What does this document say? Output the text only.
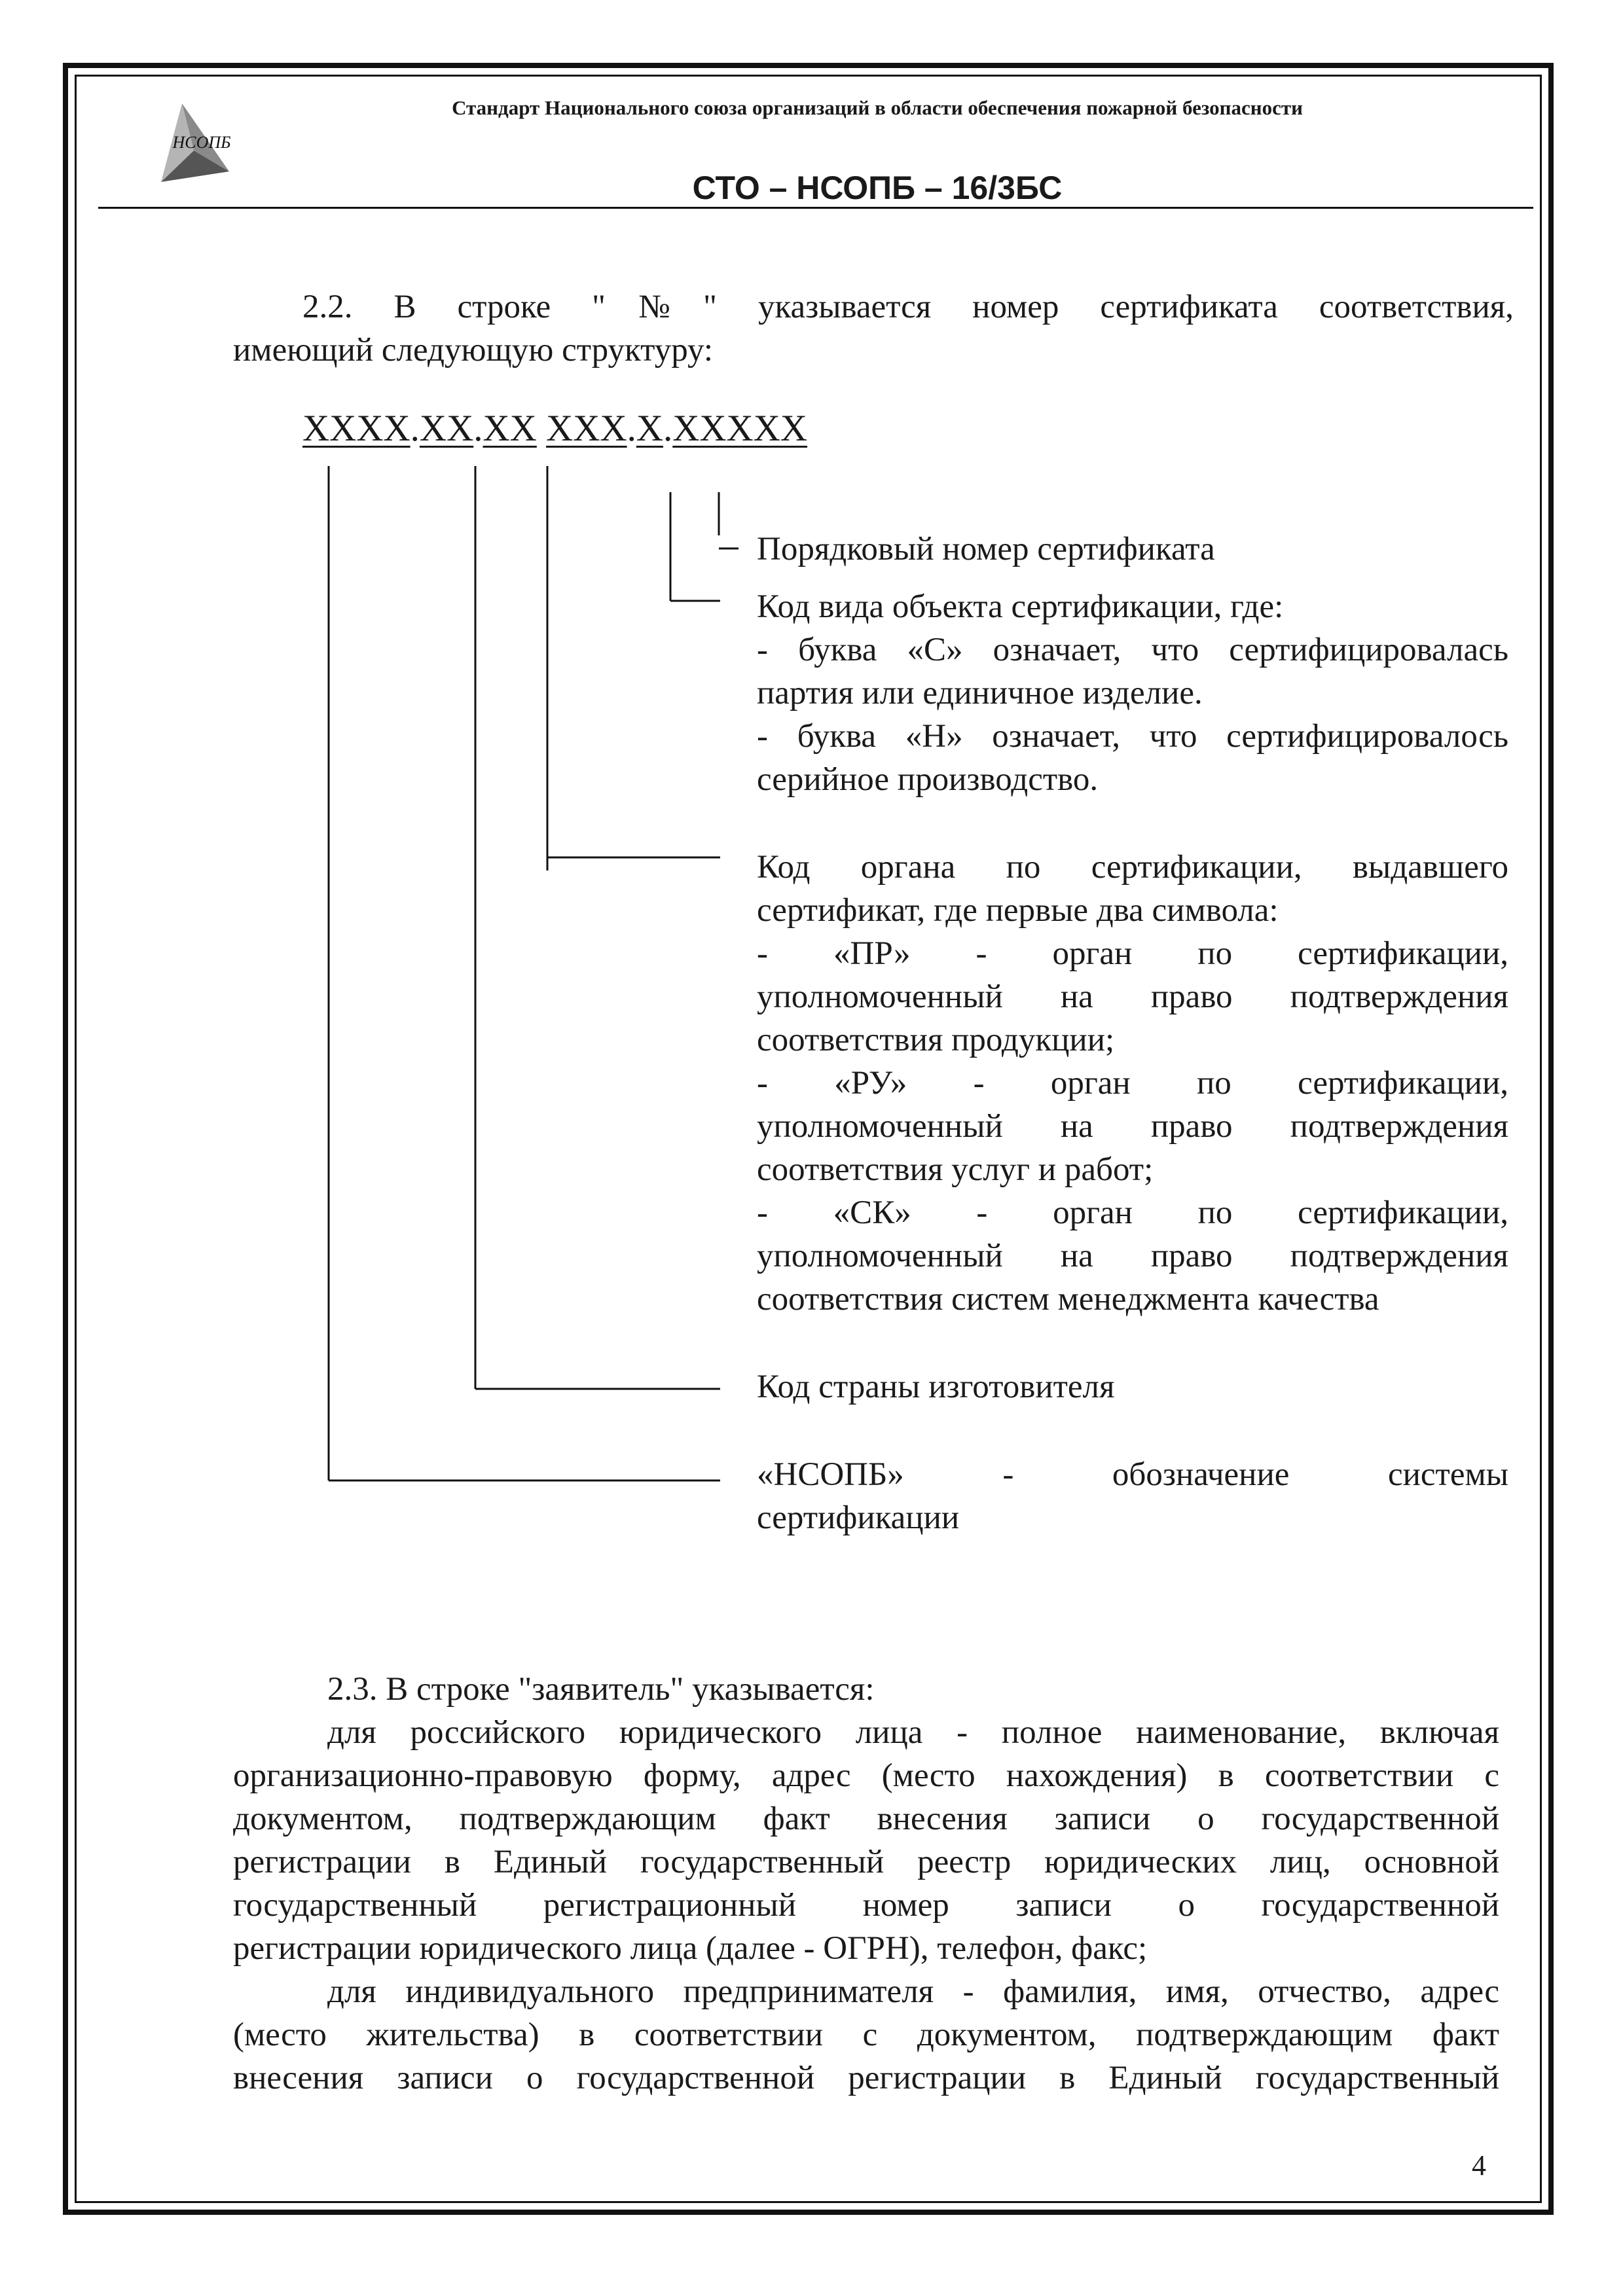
НСОПБ
Стандарт Национального союза организаций в области обеспечения пожарной безопасности
СТО – НСОПБ – 16/3БС
2.2. В строке "№" указывается номер сертификата соответствия,
имеющий следующую структуру:
XXXX.XX.XX XXX.X.XXXXX
Порядковый номер сертификата
Код вида объекта сертификации, где:
- буква «С» означает, что сертифицировалась
партия или единичное изделие.
- буква «Н» означает, что сертифицировалось
серийное производство.
Код органа по сертификации, выдавшего
сертификат, где первые два символа:
- «ПР» - орган по сертификации,
уполномоченный на право подтверждения
соответствия продукции;
- «РУ» - орган по сертификации,
уполномоченный на право подтверждения
соответствия услуг и работ;
- «СК» - орган по сертификации,
уполномоченный на право подтверждения
соответствия систем менеджмента качества
Код страны изготовителя
«НСОПБ» - обозначение системы
сертификации
2.3. В строке "заявитель" указывается:
для российского юридического лица - полное наименование, включая
организационно-правовую форму, адрес (место нахождения) в соответствии с
документом, подтверждающим факт внесения записи о государственной
регистрации в Единый государственный реестр юридических лиц, основной
государственный регистрационный номер записи о государственной
регистрации юридического лица (далее - ОГРН), телефон, факс;
для индивидуального предпринимателя - фамилия, имя, отчество, адрес
(место жительства) в соответствии с документом, подтверждающим факт
внесения записи о государственной регистрации в Единый государственный
4
